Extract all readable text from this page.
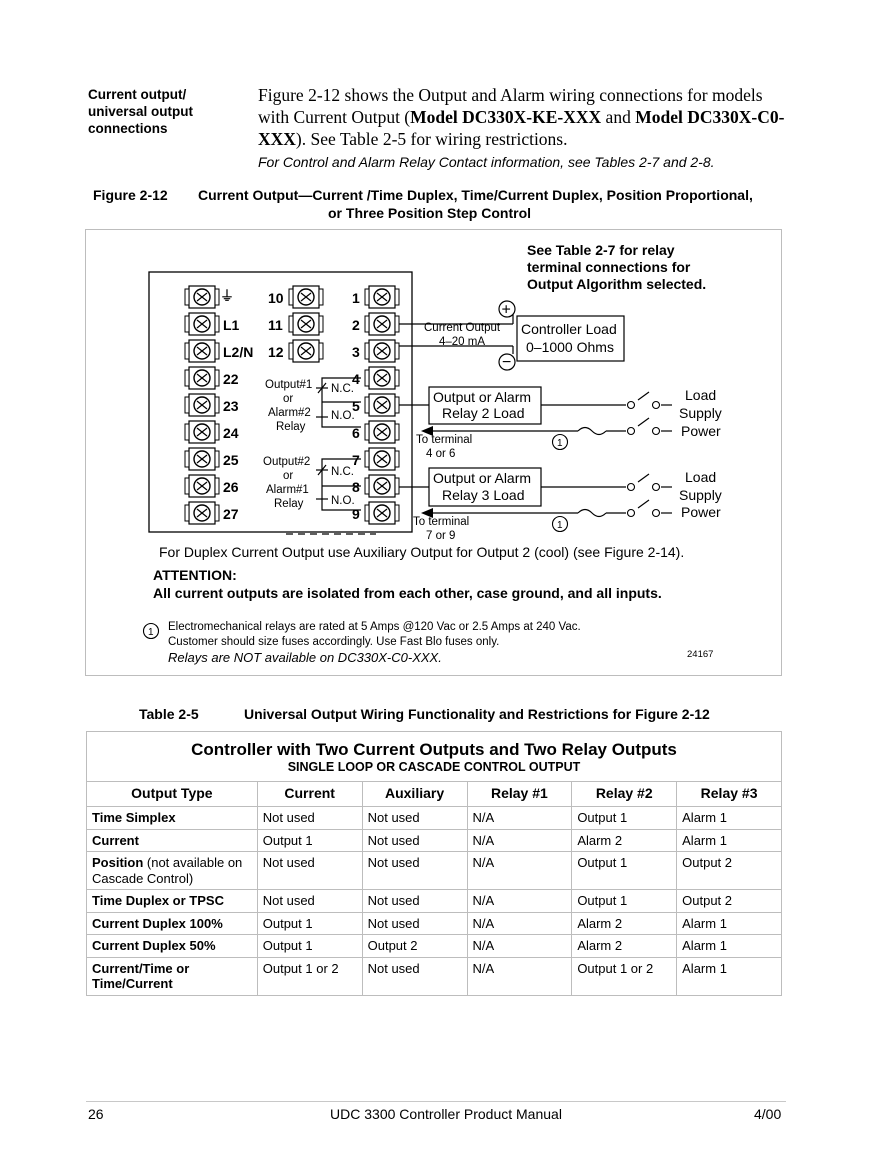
Current output/
universal output
connections
Figure 2-12 shows the Output and Alarm wiring connections for models with Current Output (Model DC330X-KE-XXX and Model DC330X-C0-XXX). See Table 2-5 for wiring restrictions.
For Control and Alarm Relay Contact information, see Tables 2-7 and 2-8.
Figure 2-12 Current Output—Current /Time Duplex, Time/Current Duplex, Position Proportional,
or Three Position Step Control
See Table 2-7 for relay
terminal connections for
Output Algorithm selected.
⏚
L1
L2/N
22
23
24
25
26
27
10
11
12
1
2
3
4
5
6
7
8
9
Output#1
or
Alarm#2
Relay
N.C.
N.O.
Output#2
or
Alarm#1
Relay
N.C.
N.O.
+
−
Current Output
4–20 mA
Controller Load
0–1000 Ohms
Output or Alarm
Relay 2 Load
Load
Supply
Power
To terminal
4 or 6
1
Output or Alarm
Relay 3 Load
Load
Supply
Power
To terminal
7 or 9
1
For Duplex Current Output use Auxiliary Output for Output 2 (cool) (see Figure 2-14).
ATTENTION:
All current outputs are isolated from each other, case ground, and all inputs.
1 Electromechanical relays are rated at 5 Amps @120 Vac or 2.5 Amps at 240 Vac.
Customer should size fuses accordingly. Use Fast Blo fuses only.
Relays are NOT available on DC330X-C0-XXX.	24167
Table 2-5	Universal Output Wiring Functionality and Restrictions for Figure 2-12
Controller with Two Current Outputs and Two Relay Outputs
SINGLE LOOP OR CASCADE CONTROL OUTPUT					

Output Type	Current	Auxiliary	Relay #1	Relay #2	Relay #3
Time Simplex	Not used	Not used	N/A	Output 1	Alarm 1
Current	Output 1	Not used	N/A	Alarm 2	Alarm 1
Position (not available on Cascade Control)	Not used	Not used	N/A	Output 1	Output 2
Time Duplex or TPSC	Not used	Not used	N/A	Output 1	Output 2
Current Duplex 100%	Output 1	Not used	N/A	Alarm 2	Alarm 1
Current Duplex 50%	Output 1	Output 2	N/A	Alarm 2	Alarm 1
Current/Time or Time/Current	Output 1 or 2	Not used	N/A	Output 1 or 2	Alarm 1
26	UDC 3300 Controller Product Manual	4/00
